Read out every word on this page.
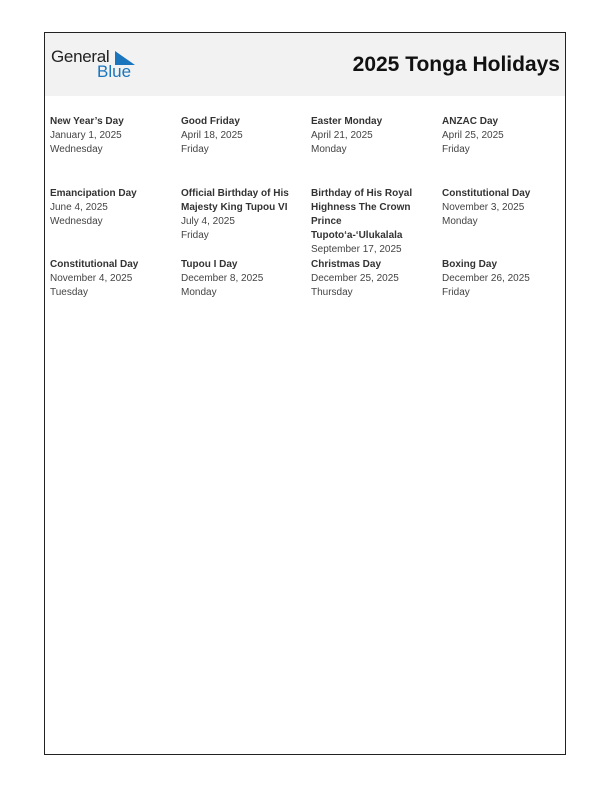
General
Blue	2025 Tonga Holidays
New Year’s Day
January 1, 2025
Wednesday
Good Friday
April 18, 2025
Friday
Easter Monday
April 21, 2025
Monday
ANZAC Day
April 25, 2025
Friday
Emancipation Day
June 4, 2025
Wednesday
Official Birthday of His Majesty King Tupou VI
July 4, 2025
Friday
Birthday of His Royal Highness The Crown Prince Tupoto‘a-‘Ulukalala
September 17, 2025
Constitutional Day
November 3, 2025
Monday
Constitutional Day
November 4, 2025
Tuesday
Tupou I Day
December 8, 2025
Monday
Christmas Day
December 25, 2025
Thursday
Boxing Day
December 26, 2025
Friday
